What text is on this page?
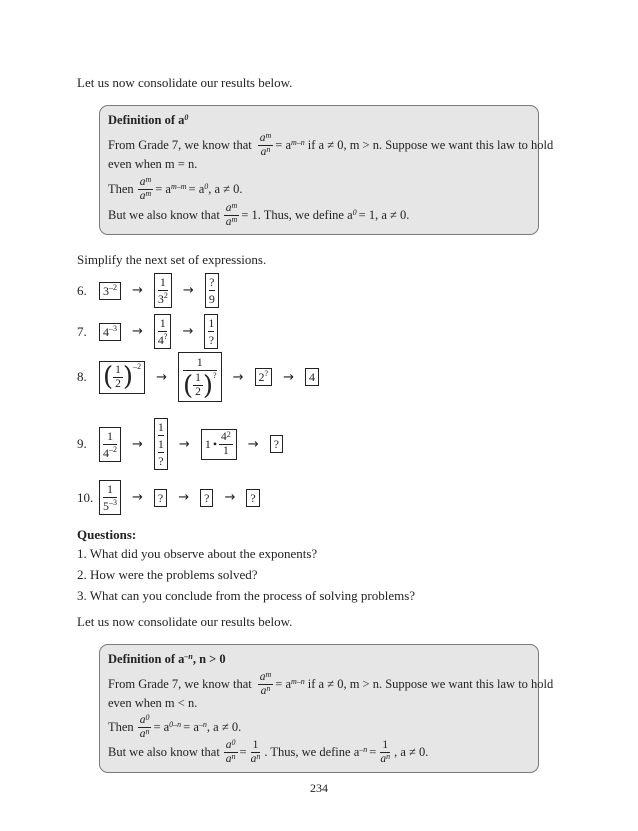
Let us now consolidate our results below.
Definition of a 0
From Grade 7, we know that $\frac{a^m}{a^n} = a$ m–n if a ≠ 0, m > n. Suppose we want this law to hold
even when m = n.
Then $\frac{a^m}{a^m} = a$ m–m = a 0 , a ≠ 0.
But we also know that $\frac{a^m}{a^m} = 1$. Thus, we define a 0 = 1, a ≠ 0.
Simplify the next set of expressions.
6.	3 –2 →
1
$3^2$ →
?
9
7.	4 –3 →
1
4? →
1
?
8. ( $\frac{1}{2}$ ) –2
→
1
( $\frac{1}{2}$ ) ? → 2 ? →	4
9.
1
$4^{-2}$ →
1
1
?
→ 1 • $\frac{4^2}{1}$ →	?
10.
1
$5^{-3}$ →	?	→	?	→	?
Questions:
1. What did you observe about the exponents?
2. How were the problems solved?
3. What can you conclude from the process of solving problems?
Let us now consolidate our results below.
Definition of a –n , n > 0
From Grade 7, we know that $\frac{a^m}{a^n} = a$ m–n if a ≠ 0, m > n. Suppose we want this law to hold
even when m < n.
Then $\frac{a^0}{a^n} = a$ 0–n = a –n , a ≠ 0.
But we also know that $\frac{a^0}{a^n} = \frac{1}{a^n}$ . Thus, we define a $-n = \frac{1}{a^n}$ , a ≠ 0.
234
